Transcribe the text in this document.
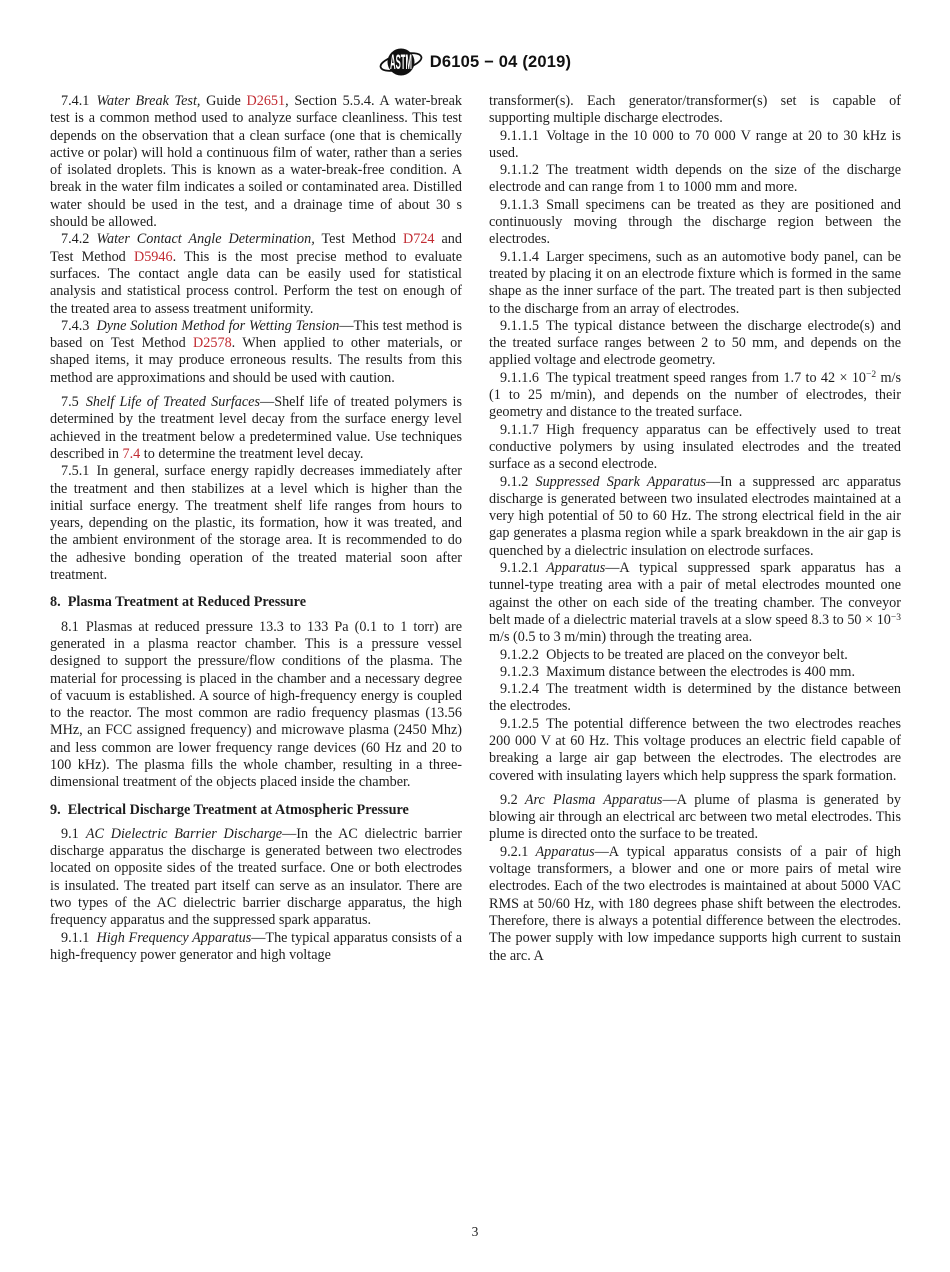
ASTM D6105 − 04 (2019)
7.4.1 Water Break Test, Guide D2651, Section 5.5.4. A water-break test is a common method used to analyze surface cleanliness. This test depends on the observation that a clean surface (one that is chemically active or polar) will hold a continuous film of water, rather than a series of isolated droplets. This is known as a water-break-free condition. A break in the water film indicates a soiled or contaminated area. Distilled water should be used in the test, and a drainage time of about 30 s should be allowed.
7.4.2 Water Contact Angle Determination, Test Method D724 and Test Method D5946. This is the most precise method to evaluate surfaces. The contact angle data can be easily used for statistical analysis and statistical process control. Perform the test on enough of the treated area to assess treatment uniformity.
7.4.3 Dyne Solution Method for Wetting Tension—This test method is based on Test Method D2578. When applied to other materials, or shaped items, it may produce erroneous results. The results from this method are approximations and should be used with caution.
7.5 Shelf Life of Treated Surfaces—Shelf life of treated polymers is determined by the treatment level decay from the surface energy level achieved in the treatment below a predetermined value. Use techniques described in 7.4 to determine the treatment level decay.
7.5.1 In general, surface energy rapidly decreases immediately after the treatment and then stabilizes at a level which is higher than the initial surface energy. The treatment shelf life ranges from hours to years, depending on the plastic, its formation, how it was treated, and the ambient environment of the storage area. It is recommended to do the adhesive bonding operation of the treated material soon after treatment.
8. Plasma Treatment at Reduced Pressure
8.1 Plasmas at reduced pressure 13.3 to 133 Pa (0.1 to 1 torr) are generated in a plasma reactor chamber. This is a pressure vessel designed to support the pressure/flow conditions of the plasma. The material for processing is placed in the chamber and a necessary degree of vacuum is established. A source of high-frequency energy is coupled to the reactor. The most common are radio frequency plasmas (13.56 MHz, an FCC assigned frequency) and microwave plasma (2450 Mhz) and less common are lower frequency range devices (60 Hz and 20 to 100 kHz). The plasma fills the whole chamber, resulting in a three-dimensional treatment of the objects placed inside the chamber.
9. Electrical Discharge Treatment at Atmospheric Pressure
9.1 AC Dielectric Barrier Discharge—In the AC dielectric barrier discharge apparatus the discharge is generated between two electrodes located on opposite sides of the treated surface. One or both electrodes is insulated. The treated part itself can serve as an insulator. There are two types of the AC dielectric barrier discharge apparatus, the high frequency apparatus and the suppressed spark apparatus.
9.1.1 High Frequency Apparatus—The typical apparatus consists of a high-frequency power generator and high voltage
transformer(s). Each generator/transformer(s) set is capable of supporting multiple discharge electrodes.
9.1.1.1 Voltage in the 10 000 to 70 000 V range at 20 to 30 kHz is used.
9.1.1.2 The treatment width depends on the size of the discharge electrode and can range from 1 to 1000 mm and more.
9.1.1.3 Small specimens can be treated as they are positioned and continuously moving through the discharge region between the electrodes.
9.1.1.4 Larger specimens, such as an automotive body panel, can be treated by placing it on an electrode fixture which is formed in the same shape as the inner surface of the part. The treated part is then subjected to the discharge from an array of electrodes.
9.1.1.5 The typical distance between the discharge electrode(s) and the treated surface ranges between 2 to 50 mm, and depends on the applied voltage and electrode geometry.
9.1.1.6 The typical treatment speed ranges from 1.7 to $42 \times 10^{-2}$ m/s (1 to 25 m/min), and depends on the number of electrodes, their geometry and distance to the treated surface.
9.1.1.7 High frequency apparatus can be effectively used to treat conductive polymers by using insulated electrodes and the treated surface as a second electrode.
9.1.2 Suppressed Spark Apparatus—In a suppressed arc apparatus discharge is generated between two insulated electrodes maintained at a very high potential of 50 to 60 Hz. The strong electrical field in the air gap generates a plasma region while a spark breakdown in the air gap is quenched by a dielectric insulation on electrode surfaces.
9.1.2.1 Apparatus—A typical suppressed spark apparatus has a tunnel-type treating area with a pair of metal electrodes mounted one against the other on each side of the treating chamber. The conveyor belt made of a dielectric material travels at a slow speed 8.3 to $50 \times 10^{-3}$ m/s (0.5 to 3 m/min) through the treating area.
9.1.2.2 Objects to be treated are placed on the conveyor belt.
9.1.2.3 Maximum distance between the electrodes is 400 mm.
9.1.2.4 The treatment width is determined by the distance between the electrodes.
9.1.2.5 The potential difference between the two electrodes reaches 200 000 V at 60 Hz. This voltage produces an electric field capable of breaking a large air gap between the electrodes. The electrodes are covered with insulating layers which help suppress the spark formation.
9.2 Arc Plasma Apparatus—A plume of plasma is generated by blowing air through an electrical arc between two metal electrodes. This plume is directed onto the surface to be treated.
9.2.1 Apparatus—A typical apparatus consists of a pair of high voltage transformers, a blower and one or more pairs of metal wire electrodes. Each of the two electrodes is maintained at about 5000 VAC RMS at 50/60 Hz, with 180 degrees phase shift between the electrodes. Therefore, there is always a potential difference between the electrodes. The power supply with low impedance supports high current to sustain the arc. A
3
